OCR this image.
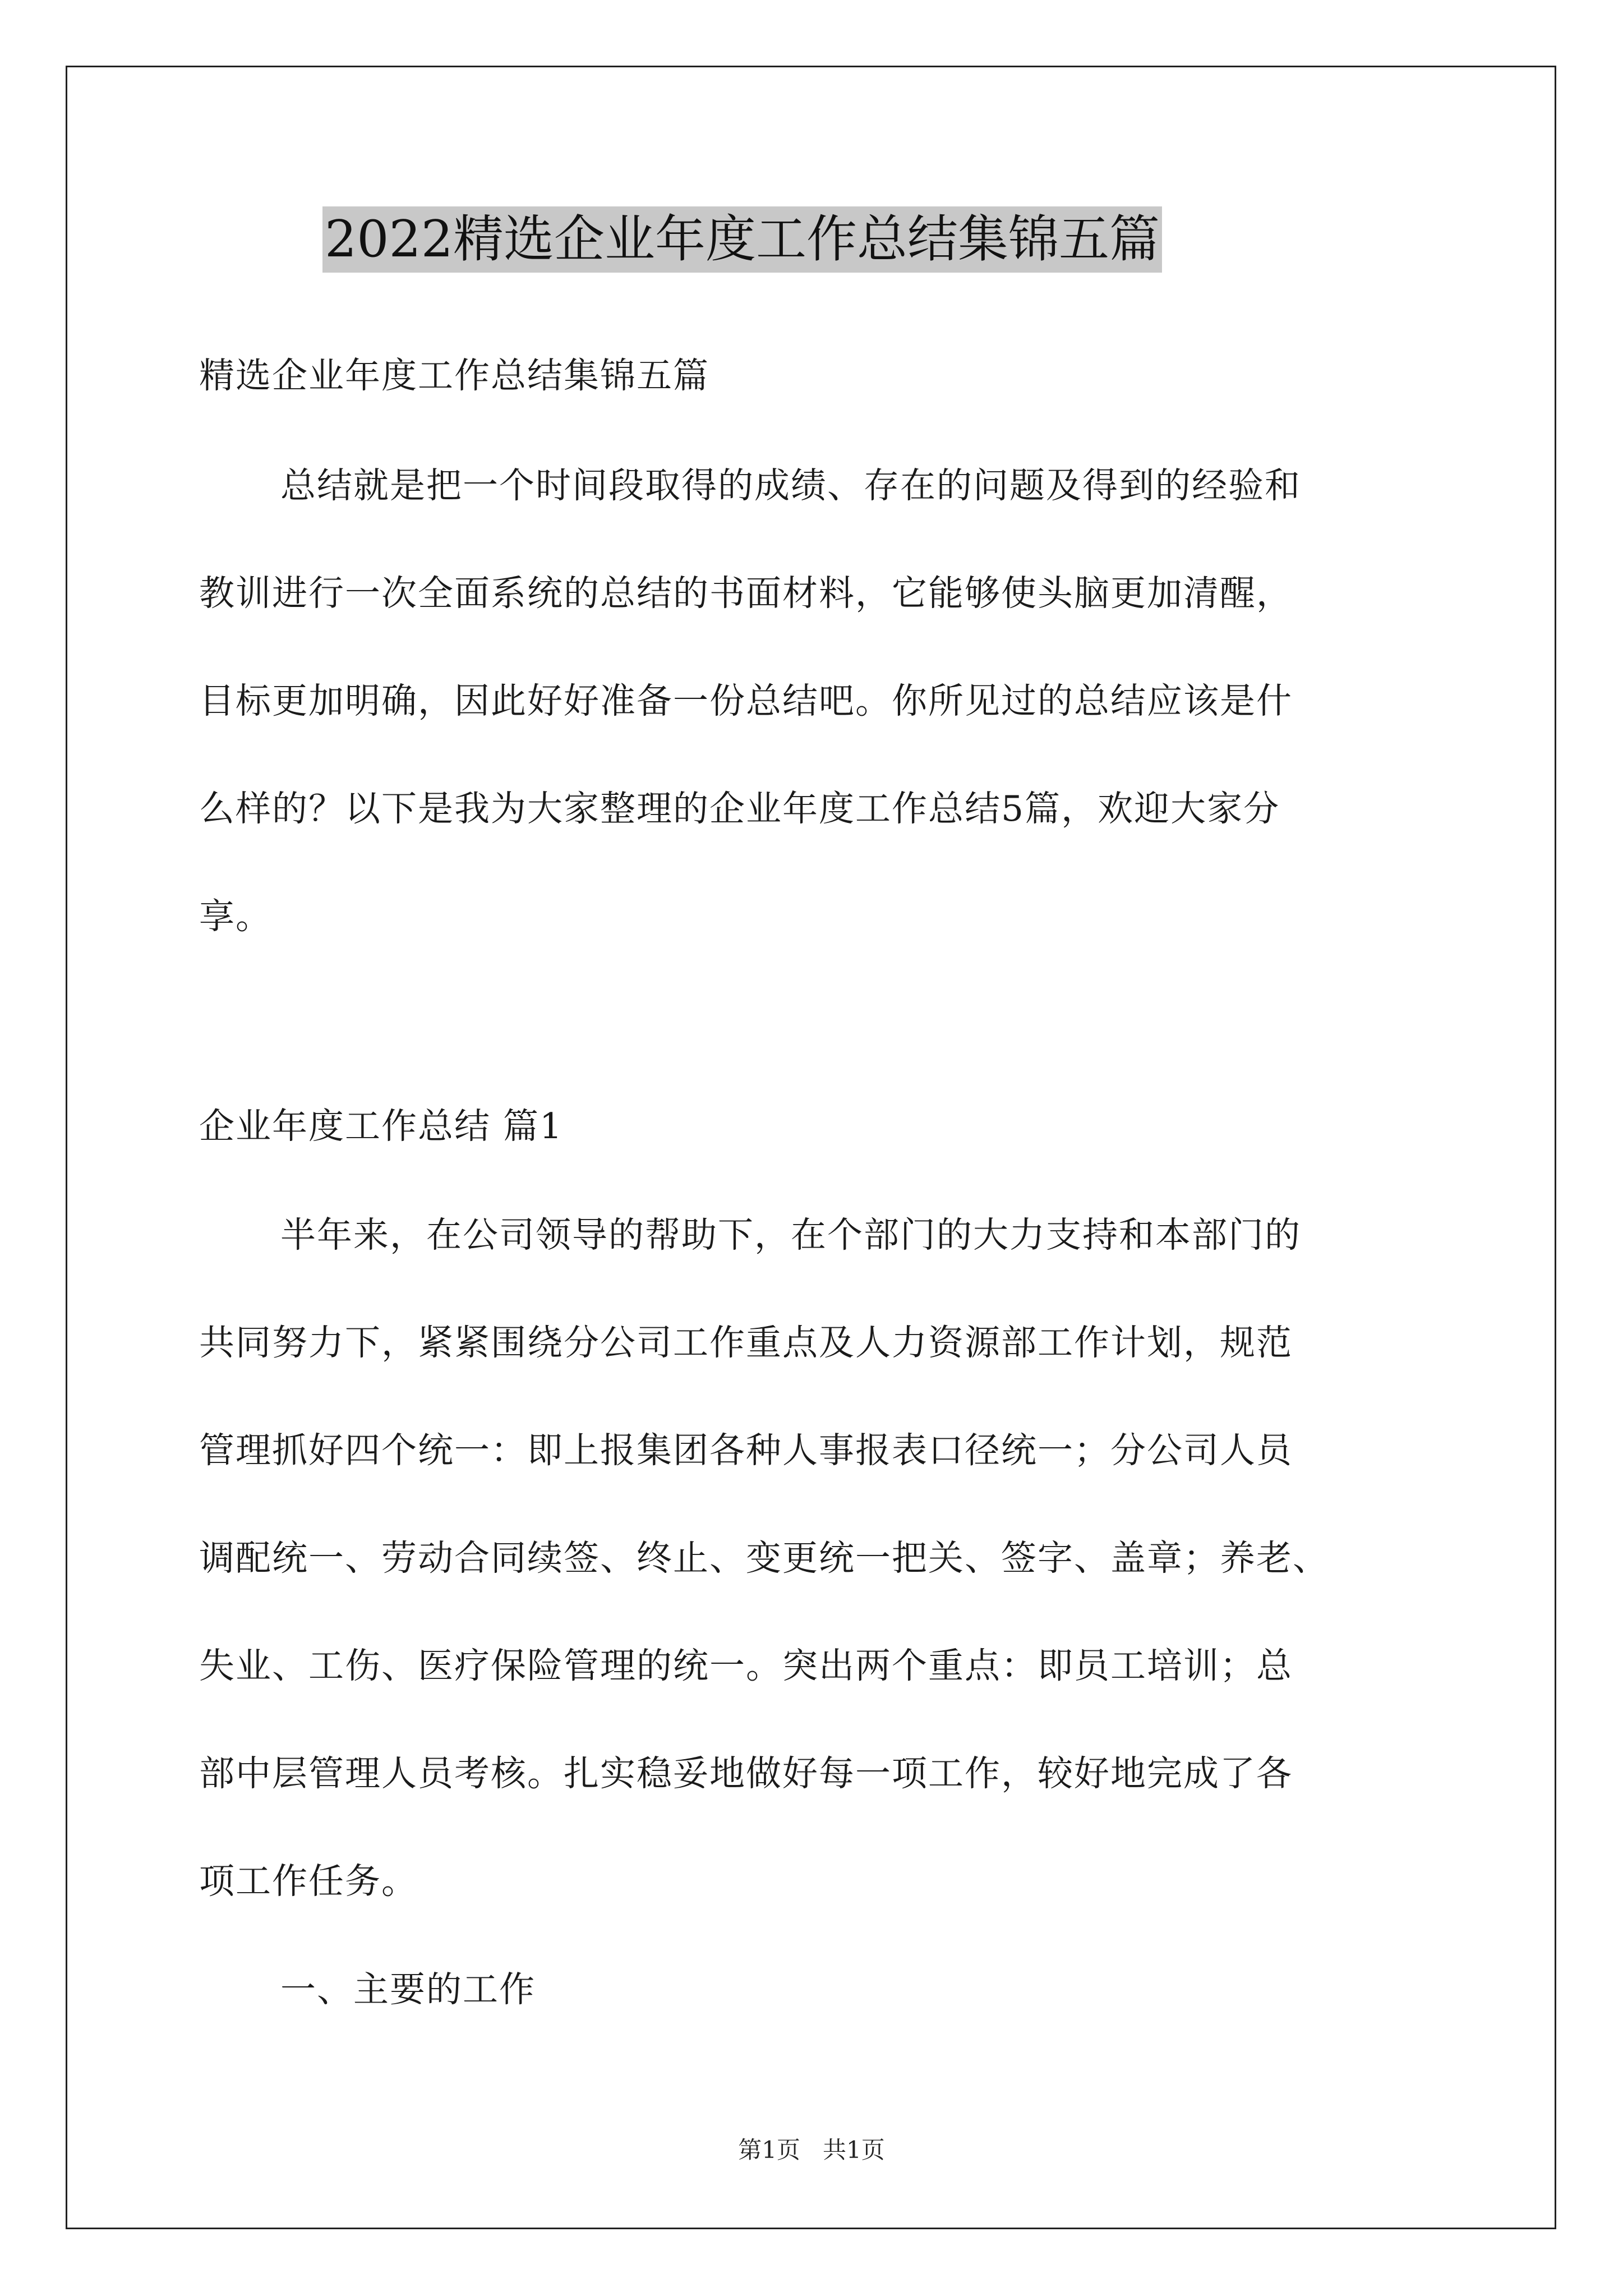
2022精选企业年度工作总结集锦五篇
精选企业年度工作总结集锦五篇
总结就是把一个时间段取得的成绩、存在的问题及得到的经验和
教训进行一次全面系统的总结的书面材料，它能够使头脑更加清醒，
目标更加明确，因此好好准备一份总结吧。你所见过的总结应该是什
么样的？以下是我为大家整理的企业年度工作总结5篇，欢迎大家分
享。
企业年度工作总结 篇1
半年来，在公司领导的帮助下，在个部门的大力支持和本部门的
共同努力下，紧紧围绕分公司工作重点及人力资源部工作计划，规范
管理抓好四个统一：即上报集团各种人事报表口径统一；分公司人员
调配统一、劳动合同续签、终止、变更统一把关、签字、盖章；养老、
失业、工伤、医疗保险管理的统一。突出两个重点：即员工培训；总
部中层管理人员考核。扎实稳妥地做好每一项工作，较好地完成了各
项工作任务。
一、主要的工作
第1页   共1页
